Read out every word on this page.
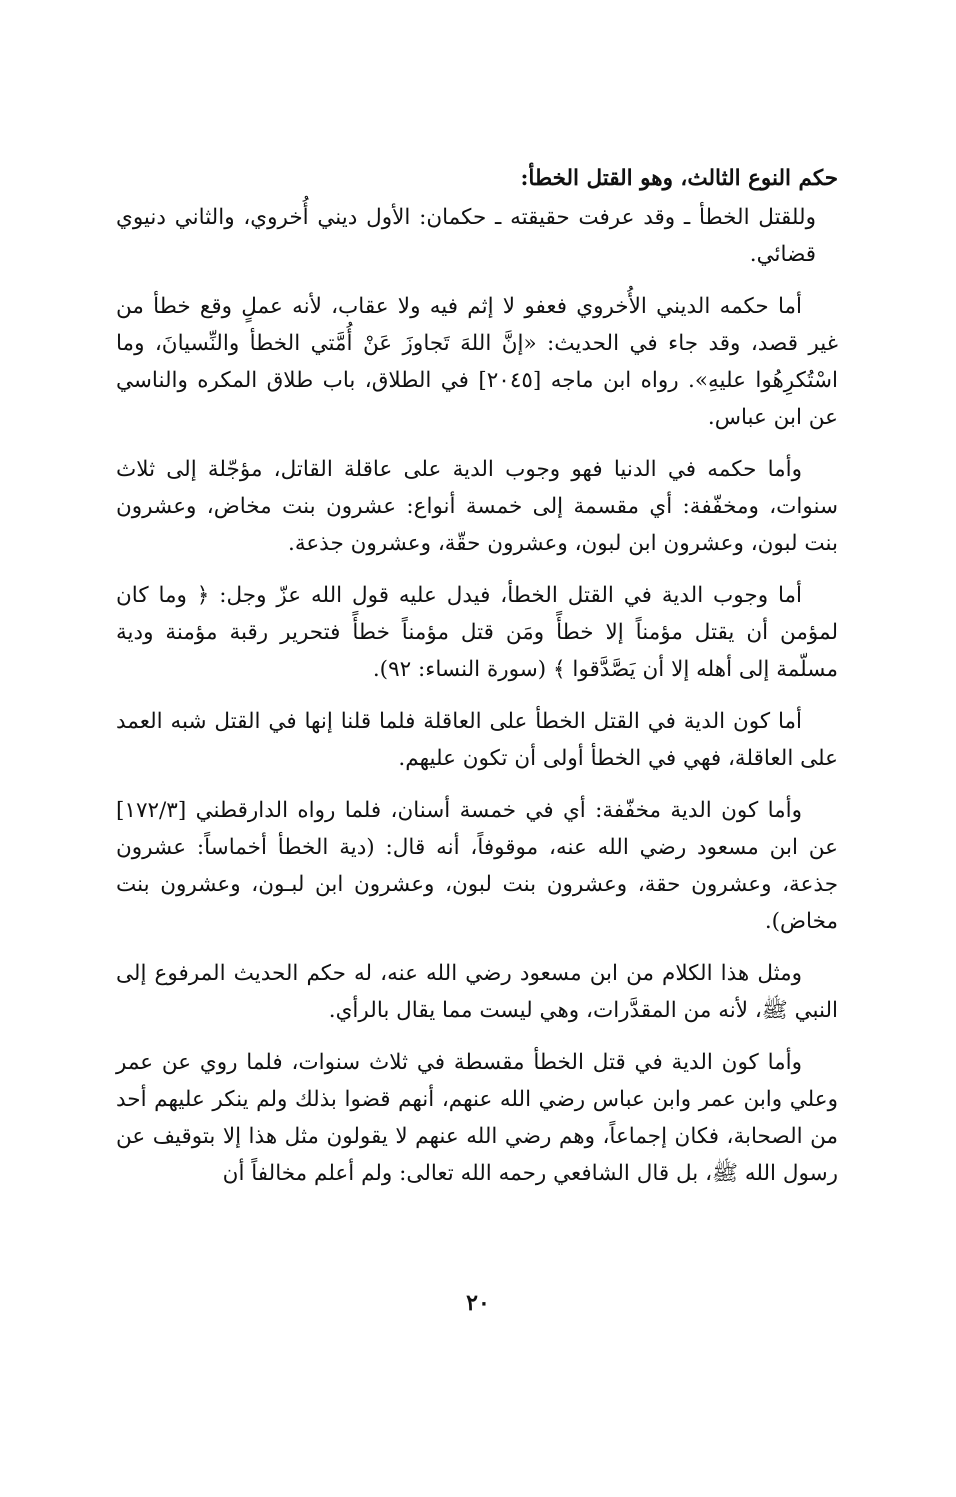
حكم النوع الثالث، وهو القتل الخطأ:

وللقتل الخطأ ـ وقد عرفت حقيقته ـ حكمان: الأول ديني أُخروي، والثاني دنيوي قضائي.

أما حكمه الديني الأُخروي فعفو لا إثم فيه ولا عقاب، لأنه عملٍ وقع خطأ من غير قصد، وقد جاء في الحديث: «إنَّ اللهَ تَجاوزَ عَنْ أُمَّتي الخطأ والنِّسيانَ، وما اسْتُكرِهُوا عليهِ». رواه ابن ماجه [٢٠٤٥] في الطلاق، باب طلاق المكره والناسي عن ابن عباس.

وأما حكمه في الدنيا فهو وجوب الدية على عاقلة القاتل، مؤجّلة إلى ثلاث سنوات، ومخفّفة: أي مقسمة إلى خمسة أنواع: عشرون بنت مخاض، وعشرون بنت لبون، وعشرون ابن لبون، وعشرون حقّة، وعشرون جذعة.

أما وجوب الدية في القتل الخطأ، فيدل عليه قول الله عزّ وجل: ﴿ وما كان لمؤمن أن يقتل مؤمناً إلا خطأً ومَن قتل مؤمناً خطأً فتحرير رقبة مؤمنة ودية مسلّمة إلى أهله إلا أن يَصَّدَّقوا ﴾ (سورة النساء: ٩٢).

أما كون الدية في القتل الخطأ على العاقلة فلما قلنا إنها في القتل شبه العمد على العاقلة، فهي في الخطأ أولى أن تكون عليهم.

وأما كون الدية مخفّفة: أي في خمسة أسنان، فلما رواه الدارقطني [١٧٢/٣] عن ابن مسعود رضي الله عنه، موقوفاً، أنه قال: (دية الخطأ أخماساً: عشرون جذعة، وعشرون حقة، وعشرون بنت لبون، وعشرون ابن لبـون، وعشرون بنت مخاض).

ومثل هذا الكلام من ابن مسعود رضي الله عنه، له حكم الحديث المرفوع إلى النبي ﷺ، لأنه من المقدَّرات، وهي ليست مما يقال بالرأي.

وأما كون الدية في قتل الخطأ مقسطة في ثلاث سنوات، فلما روي عن عمر وعلي وابن عمر وابن عباس رضي الله عنهم، أنهم قضوا بذلك ولم ينكر عليهم أحد من الصحابة، فكان إجماعاً، وهم رضي الله عنهم لا يقولون مثل هذا إلا بتوقيف عن رسول الله ﷺ، بل قال الشافعي رحمه الله تعالى: ولم أعلم مخالفاً أن

٢٠
